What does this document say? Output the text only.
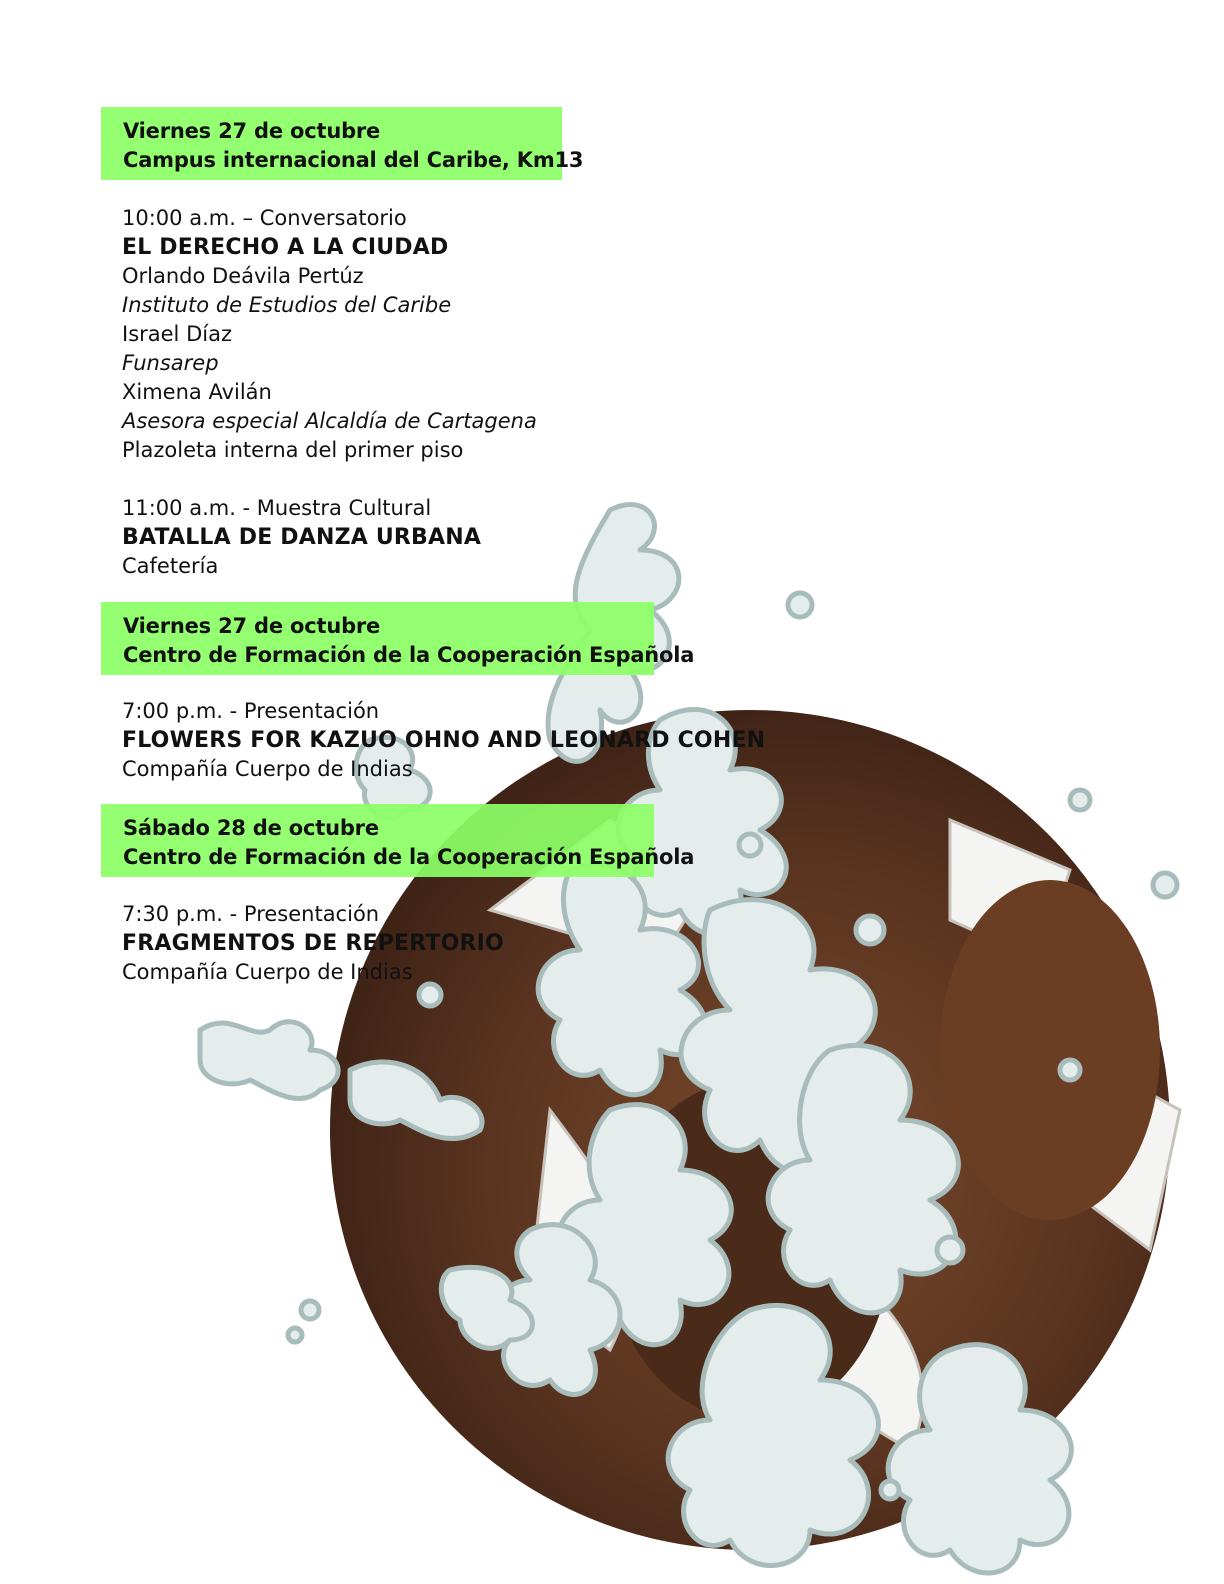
Viernes 27 de octubre
Campus internacional del Caribe, Km13
10:00 a.m. – Conversatorio
EL DERECHO A LA CIUDAD
Orlando Deávila Pertúz
Instituto de Estudios del Caribe
Israel Díaz
Funsarep
Ximena Avilán
Asesora especial Alcaldía de Cartagena
Plazoleta interna del primer piso
11:00 a.m. - Muestra Cultural
BATALLA DE DANZA URBANA
Cafetería
Viernes 27 de octubre
Centro de Formación de la Cooperación Española
7:00 p.m. - Presentación
FLOWERS FOR KAZUO OHNO AND LEONARD COHEN
Compañía Cuerpo de Indias
Sábado 28 de octubre
Centro de Formación de la Cooperación Española
7:30 p.m. - Presentación
FRAGMENTOS DE REPERTORIO
Compañía Cuerpo de Indias
